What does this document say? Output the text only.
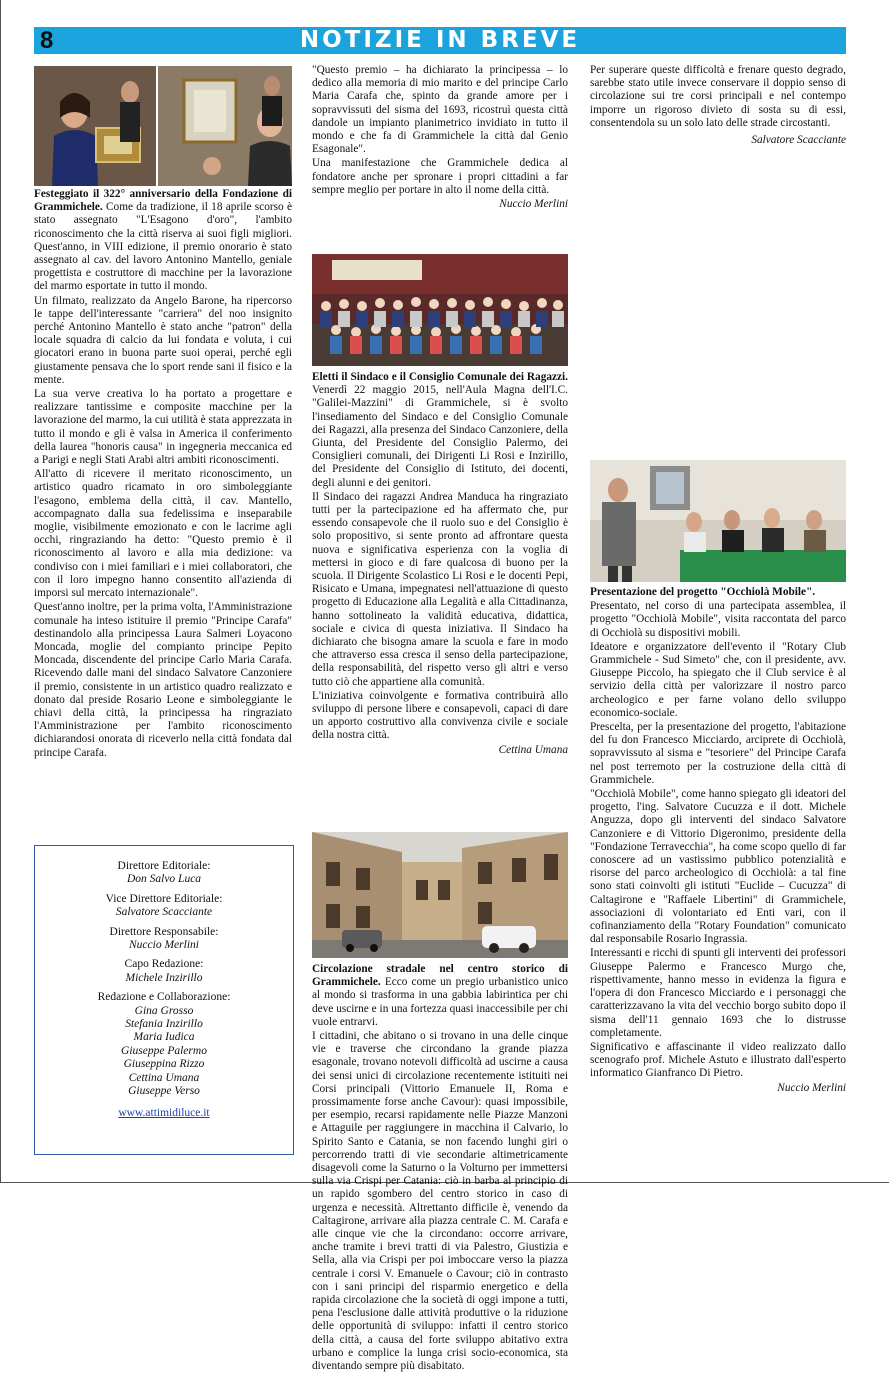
8	NOTIZIE IN BREVE

Festeggiato il 322° anniversario della Fondazione di Grammichele. Come da tradizione, il 18 aprile scorso è stato assegnato "L'Esagono d'oro", l'ambito riconoscimento che la città riserva ai suoi figli migliori. Quest'anno, in VIII edizione, il premio onorario è stato assegnato al cav. del lavoro Antonino Mantello, geniale progettista e costruttore di macchine per la lavorazione del marmo esportate in tutto il mondo.

Un filmato, realizzato da Angelo Barone, ha ripercorso le tappe dell'interessante "carriera" del noo insignito perché Antonino Mantello è stato anche "patron" della locale squadra di calcio da lui fondata e voluta, i cui giocatori erano in buona parte suoi operai, perché egli giustamente pensava che lo sport rende sani il fisico e la mente.

La sua verve creativa lo ha portato a progettare e realizzare tantissime e composite macchine per la lavorazione del marmo, la cui utilità è stata apprezzata in tutto il mondo e gli è valsa in America il conferimento della laurea "honoris causa" in ingegneria meccanica ed a Parigi e negli Stati Arabi altri ambiti riconoscimenti.

All'atto di ricevere il meritato riconoscimento, un artistico quadro ricamato in oro simboleggiante l'esagono, emblema della città, il cav. Mantello, accompagnato dalla sua fedelissima e inseparabile moglie, visibilmente emozionato e con le lacrime agli occhi, ringraziando ha detto: "Questo premio è il riconoscimento al lavoro e alla mia dedizione: va condiviso con i miei familiari e i miei collaboratori, che con il loro impegno hanno consentito all'azienda di imporsi sul mercato internazionale".

Quest'anno inoltre, per la prima volta, l'Amministrazione comunale ha inteso istituire il premio "Principe Carafa" destinandolo alla principessa Laura Salmeri Loyacono Moncada, moglie del compianto principe Pepito Moncada, discendente del principe Carlo Maria Carafa. Ricevendo dalle mani del sindaco Salvatore Canzoniere il premio, consistente in un artistico quadro realizzato e donato dal preside Rosario Leone e simboleggiante le chiavi della città, la principessa ha ringraziato l'Amministrazione per l'ambito riconoscimento dichiarandosi onorata di riceverlo nella città fondata dal principe Carafa.

"Questo premio – ha dichiarato la principessa – lo dedico alla memoria di mio marito e del principe Carlo Maria Carafa che, spinto da grande amore per i sopravvissuti del sisma del 1693, ricostruì questa città dandole un impianto planimetrico invidiato in tutto il mondo e che fa di Grammichele la città dal Genio Esagonale".

Una manifestazione che Grammichele dedica al fondatore anche per spronare i propri cittadini a far sempre meglio per portare in alto il nome della città.

Nuccio Merlini

Eletti il Sindaco e il Consiglio Comunale dei Ragazzi. Venerdì 22 maggio 2015, nell'Aula Magna dell'I.C. "Galilei-Mazzini" di Grammichele, si è svolto l'insediamento del Sindaco e del Consiglio Comunale dei Ragazzi, alla presenza del Sindaco Canzoniere, della Giunta, del Presidente del Consiglio Palermo, dei Consiglieri comunali, dei Dirigenti Li Rosi e Inzirillo, del Presidente del Consiglio di Istituto, dei docenti, degli alunni e dei genitori.

Il Sindaco dei ragazzi Andrea Manduca ha ringraziato tutti per la partecipazione ed ha affermato che, pur essendo consapevole che il ruolo suo e del Consiglio è solo propositivo, si sente pronto ad affrontare questa nuova e significativa esperienza con la voglia di mettersi in gioco e di fare qualcosa di buono per la scuola. Il Dirigente Scolastico Li Rosi e le docenti Pepi, Risicato e Umana, impegnatesi nell'attuazione di questo progetto di Educazione alla Legalità e alla Cittadinanza, hanno sottolineato la validità educativa, didattica, sociale e civica di questa iniziativa. Il Sindaco ha dichiarato che bisogna amare la scuola e fare in modo che attraverso essa cresca il senso della partecipazione, della responsabilità, del rispetto verso gli altri e verso tutto ciò che appartiene alla comunità.

L'iniziativa coinvolgente e formativa contribuirà allo sviluppo di persone libere e consapevoli, capaci di dare un apporto costruttivo alla convivenza civile e sociale della nostra città.

Cettina Umana

Circolazione stradale nel centro storico di Grammichele. Ecco come un pregio urbanistico unico al mondo si trasforma in una gabbia labirintica per chi deve uscirne e in una fortezza quasi inaccessibile per chi vuole entrarvi.

I cittadini, che abitano o si trovano in una delle cinque vie e traverse che circondano la grande piazza esagonale, trovano notevoli difficoltà ad uscirne a causa dei sensi unici di circolazione recentemente istituiti nei Corsi principali (Vittorio Emanuele II, Roma e prossimamente forse anche Cavour): quasi impossibile, per esempio, recarsi rapidamente nelle Piazze Manzoni e Attaguile per raggiungere in macchina il Calvario, lo Spirito Santo e Catania, se non facendo lunghi giri o percorrendo tratti di vie secondarie altimetricamente disagevoli come la Saturno o la Volturno per immettersi sulla via Crispi per Catania: ciò in barba al principio di un rapido sgombero del centro storico in caso di urgenza e necessità. Altrettanto difficile è, venendo da Caltagirone, arrivare alla piazza centrale C. M. Carafa e alle cinque vie che la circondano: occorre arrivare, anche tramite i brevi tratti di via Palestro, Giustizia e Sella, alla via Crispi per poi imboccare verso la piazza centrale i corsi V. Emanuele o Cavour; ciò in contrasto con i sani principi del risparmio energetico e della rapida circolazione che la società di oggi impone a tutti, pena l'esclusione dalle attività produttive o la riduzione delle opportunità di sviluppo: infatti il centro storico della città, a causa del forte sviluppo abitativo extra urbano e complice la lunga crisi socio-economica, sta diventando sempre più disabitato.

Per superare queste difficoltà e frenare questo degrado, sarebbe stato utile invece conservare il doppio senso di circolazione sui tre corsi principali e nel contempo imporre un rigoroso divieto di sosta su di essi, consentendola su un solo lato delle strade circostanti.

Salvatore Scacciante

Presentazione del progetto "Occhiolà Mobile".

Presentato, nel corso di una partecipata assemblea, il progetto "Occhiolà Mobile", visita raccontata del parco di Occhiolà su dispositivi mobili.

Ideatore e organizzatore dell'evento il "Rotary Club Grammichele - Sud Simeto" che, con il presidente, avv. Giuseppe Piccolo, ha spiegato che il Club service è al servizio della città per valorizzare il nostro parco archeologico e per farne volano dello sviluppo economico-sociale.

Prescelta, per la presentazione del progetto, l'abitazione del fu don Francesco Micciardo, arciprete di Occhiolà, sopravvissuto al sisma e "tesoriere" del Principe Carafa nel post terremoto per la costruzione della città di Grammichele.

"Occhiolà Mobile", come hanno spiegato gli ideatori del progetto, l'ing. Salvatore Cucuzza e il dott. Michele Anguzza, dopo gli interventi del sindaco Salvatore Canzoniere e di Vittorio Digeronimo, presidente della "Fondazione Terravecchia", ha come scopo quello di far conoscere ad un vastissimo pubblico potenzialità e risorse del parco archeologico di Occhiolà: a tal fine sono stati coinvolti gli istituti "Euclide – Cucuzza" di Caltagirone e "Raffaele Libertini" di Grammichele, associazioni di volontariato ed Enti vari, con il cofinanziamento della "Rotary Foundation" comunicato dal responsabile Rosario Ingrassia.

Interessanti e ricchi di spunti gli interventi dei professori Giuseppe Palermo e Francesco Murgo che, rispettivamente, hanno messo in evidenza la figura e l'opera di don Francesco Micciardo e i personaggi che caratterizzavano la vita del vecchio borgo subito dopo il sisma dell'11 gennaio 1693 che lo distrusse completamente.

Significativo e affascinante il video realizzato dallo scenografo prof. Michele Astuto e illustrato dall'esperto informatico Gianfranco Di Pietro.

Nuccio Merlini

Direttore Editoriale:
Don Salvo Luca
Vice Direttore Editoriale:
Salvatore Scacciante
Direttore Responsabile:
Nuccio Merlini
Capo Redazione:
Michele Inzirillo
Redazione e Collaborazione:
Gina Grosso
Stefania Inzirillo
Maria Iudica
Giuseppe Palermo
Giuseppina Rizzo
Cettina Umana
Giuseppe Verso
www.attimidiluce.it
